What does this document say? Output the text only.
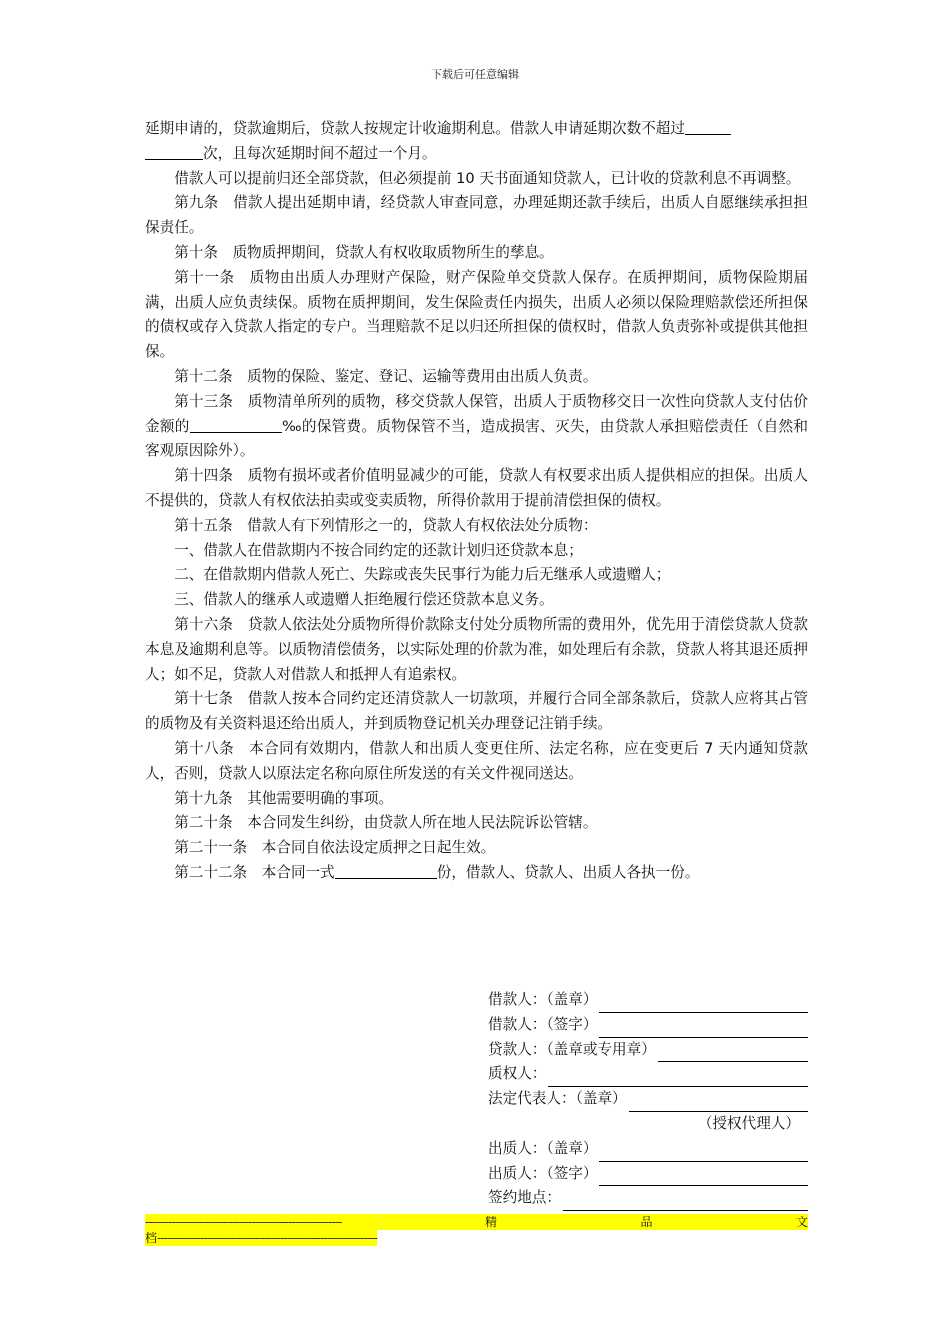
下载后可任意编辑

延期申请的，贷款逾期后，贷款人按规定计收逾期利息。借款人申请延期次数不超过
次，且每次延期时间不超过一个月。

借款人可以提前归还全部贷款，但必须提前 10 天书面通知贷款人，已计收的贷款利息不再调整。

第九条　借款人提出延期申请，经贷款人审查同意，办理延期还款手续后，出质人自愿继续承担担保责任。

第十条　质物质押期间，贷款人有权收取质物所生的孳息。

第十一条　质物由出质人办理财产保险，财产保险单交贷款人保存。在质押期间，质物保险期届满，出质人应负责续保。质物在质押期间，发生保险责任内损失，出质人必须以保险理赔款偿还所担保的债权或存入贷款人指定的专户。当理赔款不足以归还所担保的债权时，借款人负责弥补或提供其他担保。

第十二条　质物的保险、鉴定、登记、运输等费用由出质人负责。

第十三条　质物清单所列的质物，移交贷款人保管，出质人于质物移交日一次性向贷款人支付估价金额的	‰的保管费。质物保管不当，造成损害、灭失，由贷款人承担赔偿责任（自然和客观原因除外）。

第十四条　质物有损坏或者价值明显减少的可能，贷款人有权要求出质人提供相应的担保。出质人不提供的，贷款人有权依法拍卖或变卖质物，所得价款用于提前清偿担保的债权。

第十五条　借款人有下列情形之一的，贷款人有权依法处分质物：

一、借款人在借款期内不按合同约定的还款计划归还贷款本息；

二、在借款期内借款人死亡、失踪或丧失民事行为能力后无继承人或遗赠人；

三、借款人的继承人或遗赠人拒绝履行偿还贷款本息义务。

第十六条　贷款人依法处分质物所得价款除支付处分质物所需的费用外，优先用于清偿贷款人贷款本息及逾期利息等。以质物清偿债务，以实际处理的价款为准，如处理后有余款，贷款人将其退还质押人；如不足，贷款人对借款人和抵押人有追索权。

第十七条　借款人按本合同约定还清贷款人一切款项，并履行合同全部条款后，贷款人应将其占管的质物及有关资料退还给出质人，并到质物登记机关办理登记注销手续。

第十八条　本合同有效期内，借款人和出质人变更住所、法定名称，应在变更后 7 天内通知贷款人，否则，贷款人以原法定名称向原住所发送的有关文件视同送达。

第十九条　其他需要明确的事项。

第二十条　本合同发生纠纷，由贷款人所在地人民法院诉讼管辖。

第二十一条　本合同自依法设定质押之日起生效。

第二十二条　本合同一式	份，借款人、贷款人、出质人各执一份。

借款人：（盖章）
借款人：（签字）
贷款人：（盖章或专用章）
质权人：
法定代表人：（盖章）
（授权代理人）
出质人：（盖章）
出质人：（签字）
签约地点：
-----------------------------------------------------------	精	品	文
档------------------------------------------------------------------
